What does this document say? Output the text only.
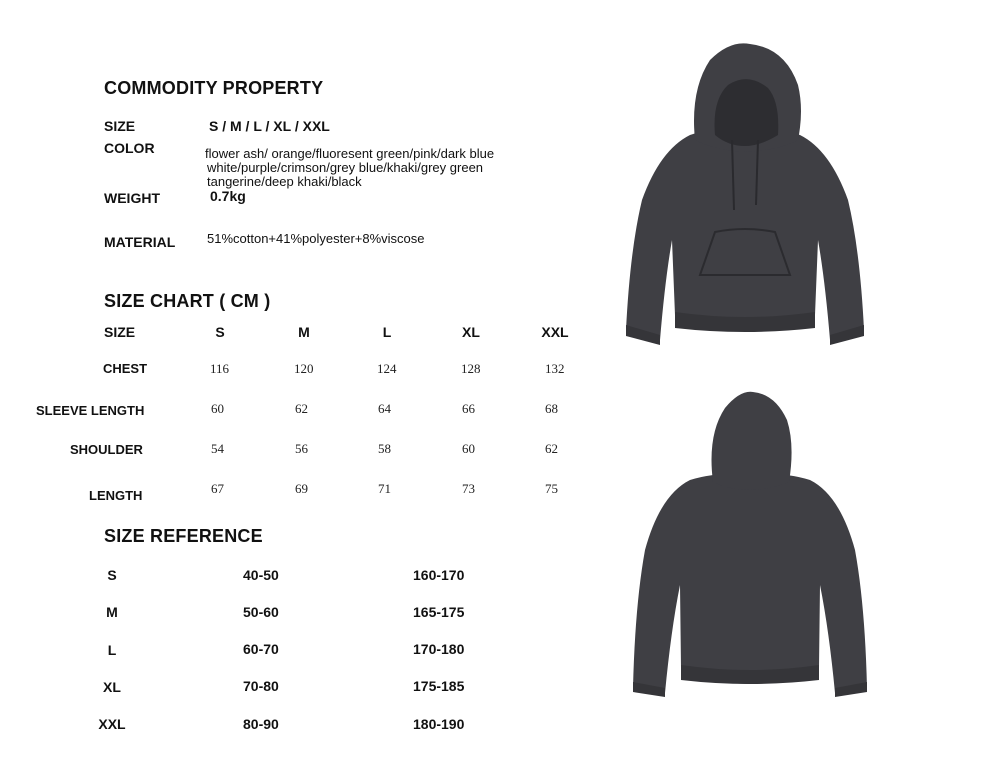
COMMODITY PROPERTY
SIZE	S / M / L / XL / XXL
COLOR	flower ash/ orange/fluoresent green/pink/dark blue
white/purple/crimson/grey blue/khaki/grey green
tangerine/deep khaki/black
WEIGHT	0.7kg
MATERIAL 51%cotton+41%polyester+8%viscose
SIZE CHART ( CM )
SIZE	S	M	L	XL	XXL
CHEST	116	120	124	128	132
SLEEVE LENGTH	60	62	64	66	68
SHOULDER	54	56	58	60	62
LENGTH	67	69	71	73	75
SIZE REFERENCE
S	40-50	160-170
M	50-60	165-175
L	60-70	170-180
XL	70-80	175-185
XXL	80-90	180-190
